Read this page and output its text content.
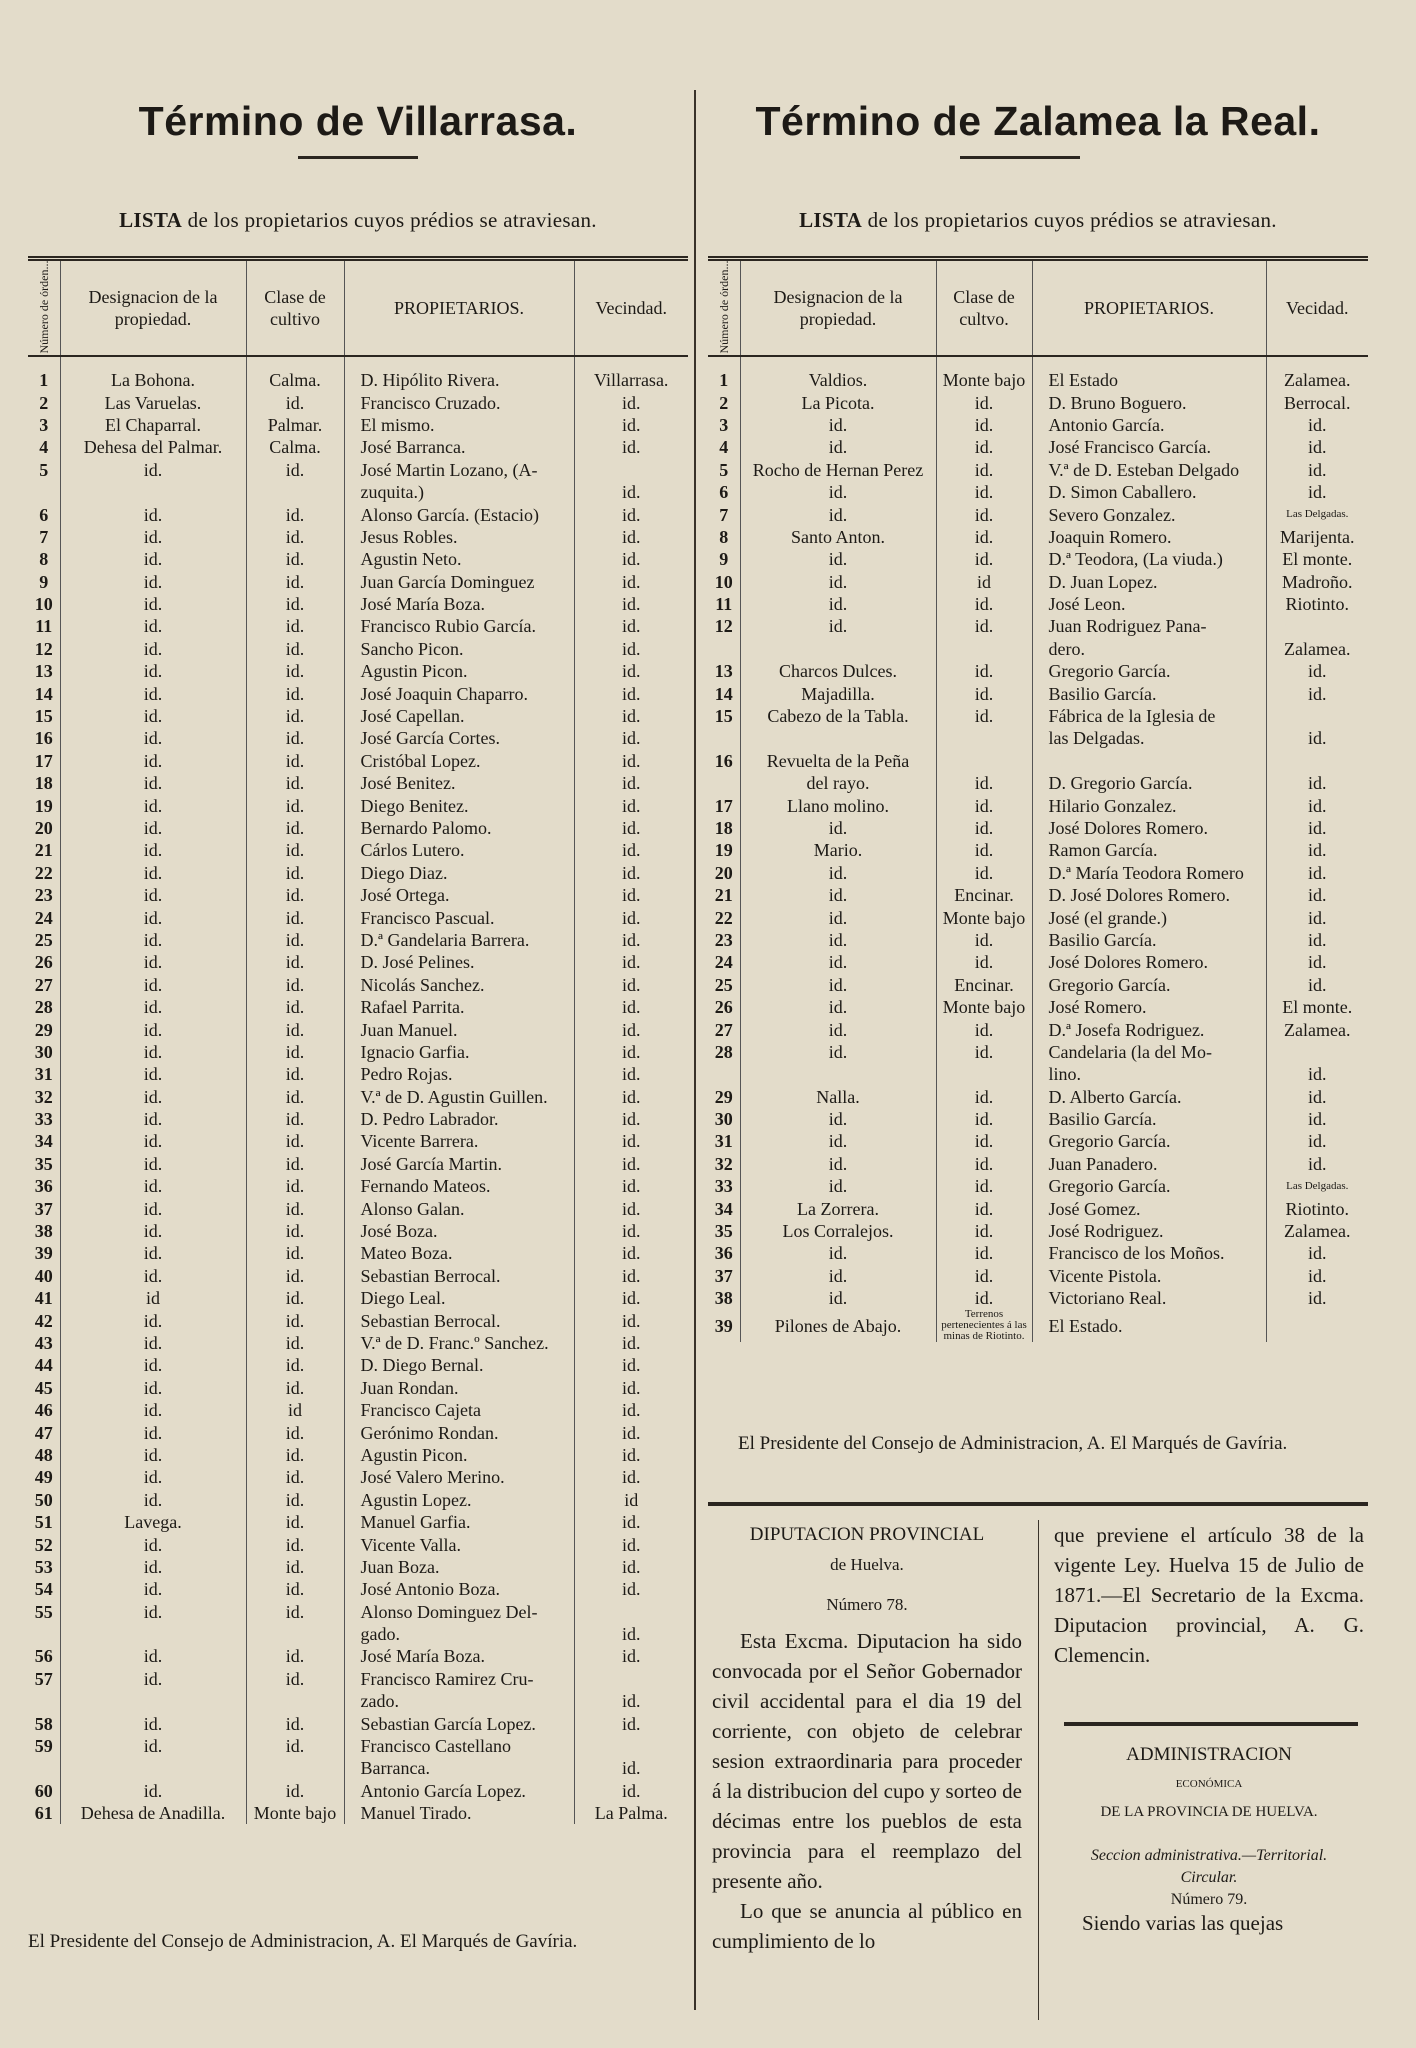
Término de Villarrasa.
LISTA de los propietarios cuyos prédios se atraviesan.
Número de órden...	Designacion de la propiedad.	Clase de cultivo	PROPIETARIOS.	Vecindad.
1	La Bohona.	Calma.	D. Hipólito Rivera.	Villarrasa.
2	Las Varuelas.	id.	Francisco Cruzado.	id.
3	El Chaparral.	Palmar.	El mismo.	id.
4	Dehesa del Palmar.	Calma.	José Barranca.	id.
5	id.	id.	José Martin Lozano, (A-	
			zuquita.)	id.
6	id.	id.	Alonso García. (Estacio)	id.
7	id.	id.	Jesus Robles.	id.
8	id.	id.	Agustin Neto.	id.
9	id.	id.	Juan García Dominguez	id.
10	id.	id.	José María Boza.	id.
11	id.	id.	Francisco Rubio García.	id.
12	id.	id.	Sancho Picon.	id.
13	id.	id.	Agustin Picon.	id.
14	id.	id.	José Joaquin Chaparro.	id.
15	id.	id.	José Capellan.	id.
16	id.	id.	José García Cortes.	id.
17	id.	id.	Cristóbal Lopez.	id.
18	id.	id.	José Benitez.	id.
19	id.	id.	Diego Benitez.	id.
20	id.	id.	Bernardo Palomo.	id.
21	id.	id.	Cárlos Lutero.	id.
22	id.	id.	Diego Diaz.	id.
23	id.	id.	José Ortega.	id.
24	id.	id.	Francisco Pascual.	id.
25	id.	id.	D.ª Gandelaria Barrera.	id.
26	id.	id.	D. José Pelines.	id.
27	id.	id.	Nicolás Sanchez.	id.
28	id.	id.	Rafael Parrita.	id.
29	id.	id.	Juan Manuel.	id.
30	id.	id.	Ignacio Garfia.	id.
31	id.	id.	Pedro Rojas.	id.
32	id.	id.	V.ª de D. Agustin Guillen.	id.
33	id.	id.	D. Pedro Labrador.	id.
34	id.	id.	Vicente Barrera.	id.
35	id.	id.	José García Martin.	id.
36	id.	id.	Fernando Mateos.	id.
37	id.	id.	Alonso Galan.	id.
38	id.	id.	José Boza.	id.
39	id.	id.	Mateo Boza.	id.
40	id.	id.	Sebastian Berrocal.	id.
41	id	id.	Diego Leal.	id.
42	id.	id.	Sebastian Berrocal.	id.
43	id.	id.	V.ª de D. Franc.º Sanchez.	id.
44	id.	id.	D. Diego Bernal.	id.
45	id.	id.	Juan Rondan.	id.
46	id.	id	Francisco Cajeta	id.
47	id.	id.	Gerónimo Rondan.	id.
48	id.	id.	Agustin Picon.	id.
49	id.	id.	José Valero Merino.	id.
50	id.	id.	Agustin Lopez.	id
51	Lavega.	id.	Manuel Garfia.	id.
52	id.	id.	Vicente Valla.	id.
53	id.	id.	Juan Boza.	id.
54	id.	id.	José Antonio Boza.	id.
55	id.	id.	Alonso Dominguez Del-	
			gado.	id.
56	id.	id.	José María Boza.	id.
57	id.	id.	Francisco Ramirez Cru-	
			zado.	id.
58	id.	id.	Sebastian García Lopez.	id.
59	id.	id.	Francisco Castellano	
			Barranca.	id.
60	id.	id.	Antonio García Lopez.	id.
61	Dehesa de Anadilla.	Monte bajo	Manuel Tirado.	La Palma.
El Presidente del Consejo de Administracion, A. El Marqués de Gavíria.
Término de Zalamea la Real.
LISTA de los propietarios cuyos prédios se atraviesan.
Número de órden...	Designacion de la propiedad.	Clase de cultvo.	PROPIETARIOS.	Vecidad.
1	Valdios.	Monte bajo	El Estado	Zalamea.
2	La Picota.	id.	D. Bruno Boguero.	Berrocal.
3	id.	id.	Antonio García.	id.
4	id.	id.	José Francisco García.	id.
5	Rocho de Hernan Perez	id.	V.ª de D. Esteban Delgado	id.
6	id.	id.	D. Simon Caballero.	id.
7	id.	id.	Severo Gonzalez.	Las Delgadas.
8	Santo Anton.	id.	Joaquin Romero.	Marijenta.
9	id.	id.	D.ª Teodora, (La viuda.)	El monte.
10	id.	id	D. Juan Lopez.	Madroño.
11	id.	id.	José Leon.	Riotinto.
12	id.	id.	Juan Rodriguez Pana-	
			dero.	Zalamea.
13	Charcos Dulces.	id.	Gregorio García.	id.
14	Majadilla.	id.	Basilio García.	id.
15	Cabezo de la Tabla.	id.	Fábrica de la Iglesia de	
			las Delgadas.	id.
16	Revuelta de la Peña			
	del rayo.	id.	D. Gregorio García.	id.
17	Llano molino.	id.	Hilario Gonzalez.	id.
18	id.	id.	José Dolores Romero.	id.
19	Mario.	id.	Ramon García.	id.
20	id.	id.	D.ª María Teodora Romero	id.
21	id.	Encinar.	D. José Dolores Romero.	id.
22	id.	Monte bajo	José (el grande.)	id.
23	id.	id.	Basilio García.	id.
24	id.	id.	José Dolores Romero.	id.
25	id.	Encinar.	Gregorio García.	id.
26	id.	Monte bajo	José Romero.	El monte.
27	id.	id.	D.ª Josefa Rodriguez.	Zalamea.
28	id.	id.	Candelaria (la del Mo-	
			lino.	id.
29	Nalla.	id.	D. Alberto García.	id.
30	id.	id.	Basilio García.	id.
31	id.	id.	Gregorio García.	id.
32	id.	id.	Juan Panadero.	id.
33	id.	id.	Gregorio García.	Las Delgadas.
34	La Zorrera.	id.	José Gomez.	Riotinto.
35	Los Corralejos.	id.	José Rodriguez.	Zalamea.
36	id.	id.	Francisco de los Moños.	id.
37	id.	id.	Vicente Pistola.	id.
38	id.	id.	Victoriano Real.	id.
39	Pilones de Abajo.	Terrenos pertenecientes á las minas de Riotinto.	El Estado.	
El Presidente del Consejo de Administracion, A. El Marqués de Gavíria.

DIPUTACION PROVINCIAL

de Huelva.

Número 78.

Esta Excma. Diputacion ha sido convocada por el Señor Gobernador civil accidental para el dia 19 del corriente, con objeto de celebrar sesion extraordinaria para proceder á la distribucion del cupo y sorteo de décimas entre los pueblos de esta provincia para el reemplazo del presente año.
Lo que se anuncia al público en cumplimiento de lo
que previene el artículo 38 de la vigente Ley. Huelva 15 de Julio de 1871.—El Secretario de la Excma. Diputacion provincial, A. G. Clemencin.

ADMINISTRACION

ECONÓMICA

DE LA PROVINCIA DE HUELVA.

Seccion administrativa.—Territorial.

Circular.

Número 79.

Siendo varias las quejas
